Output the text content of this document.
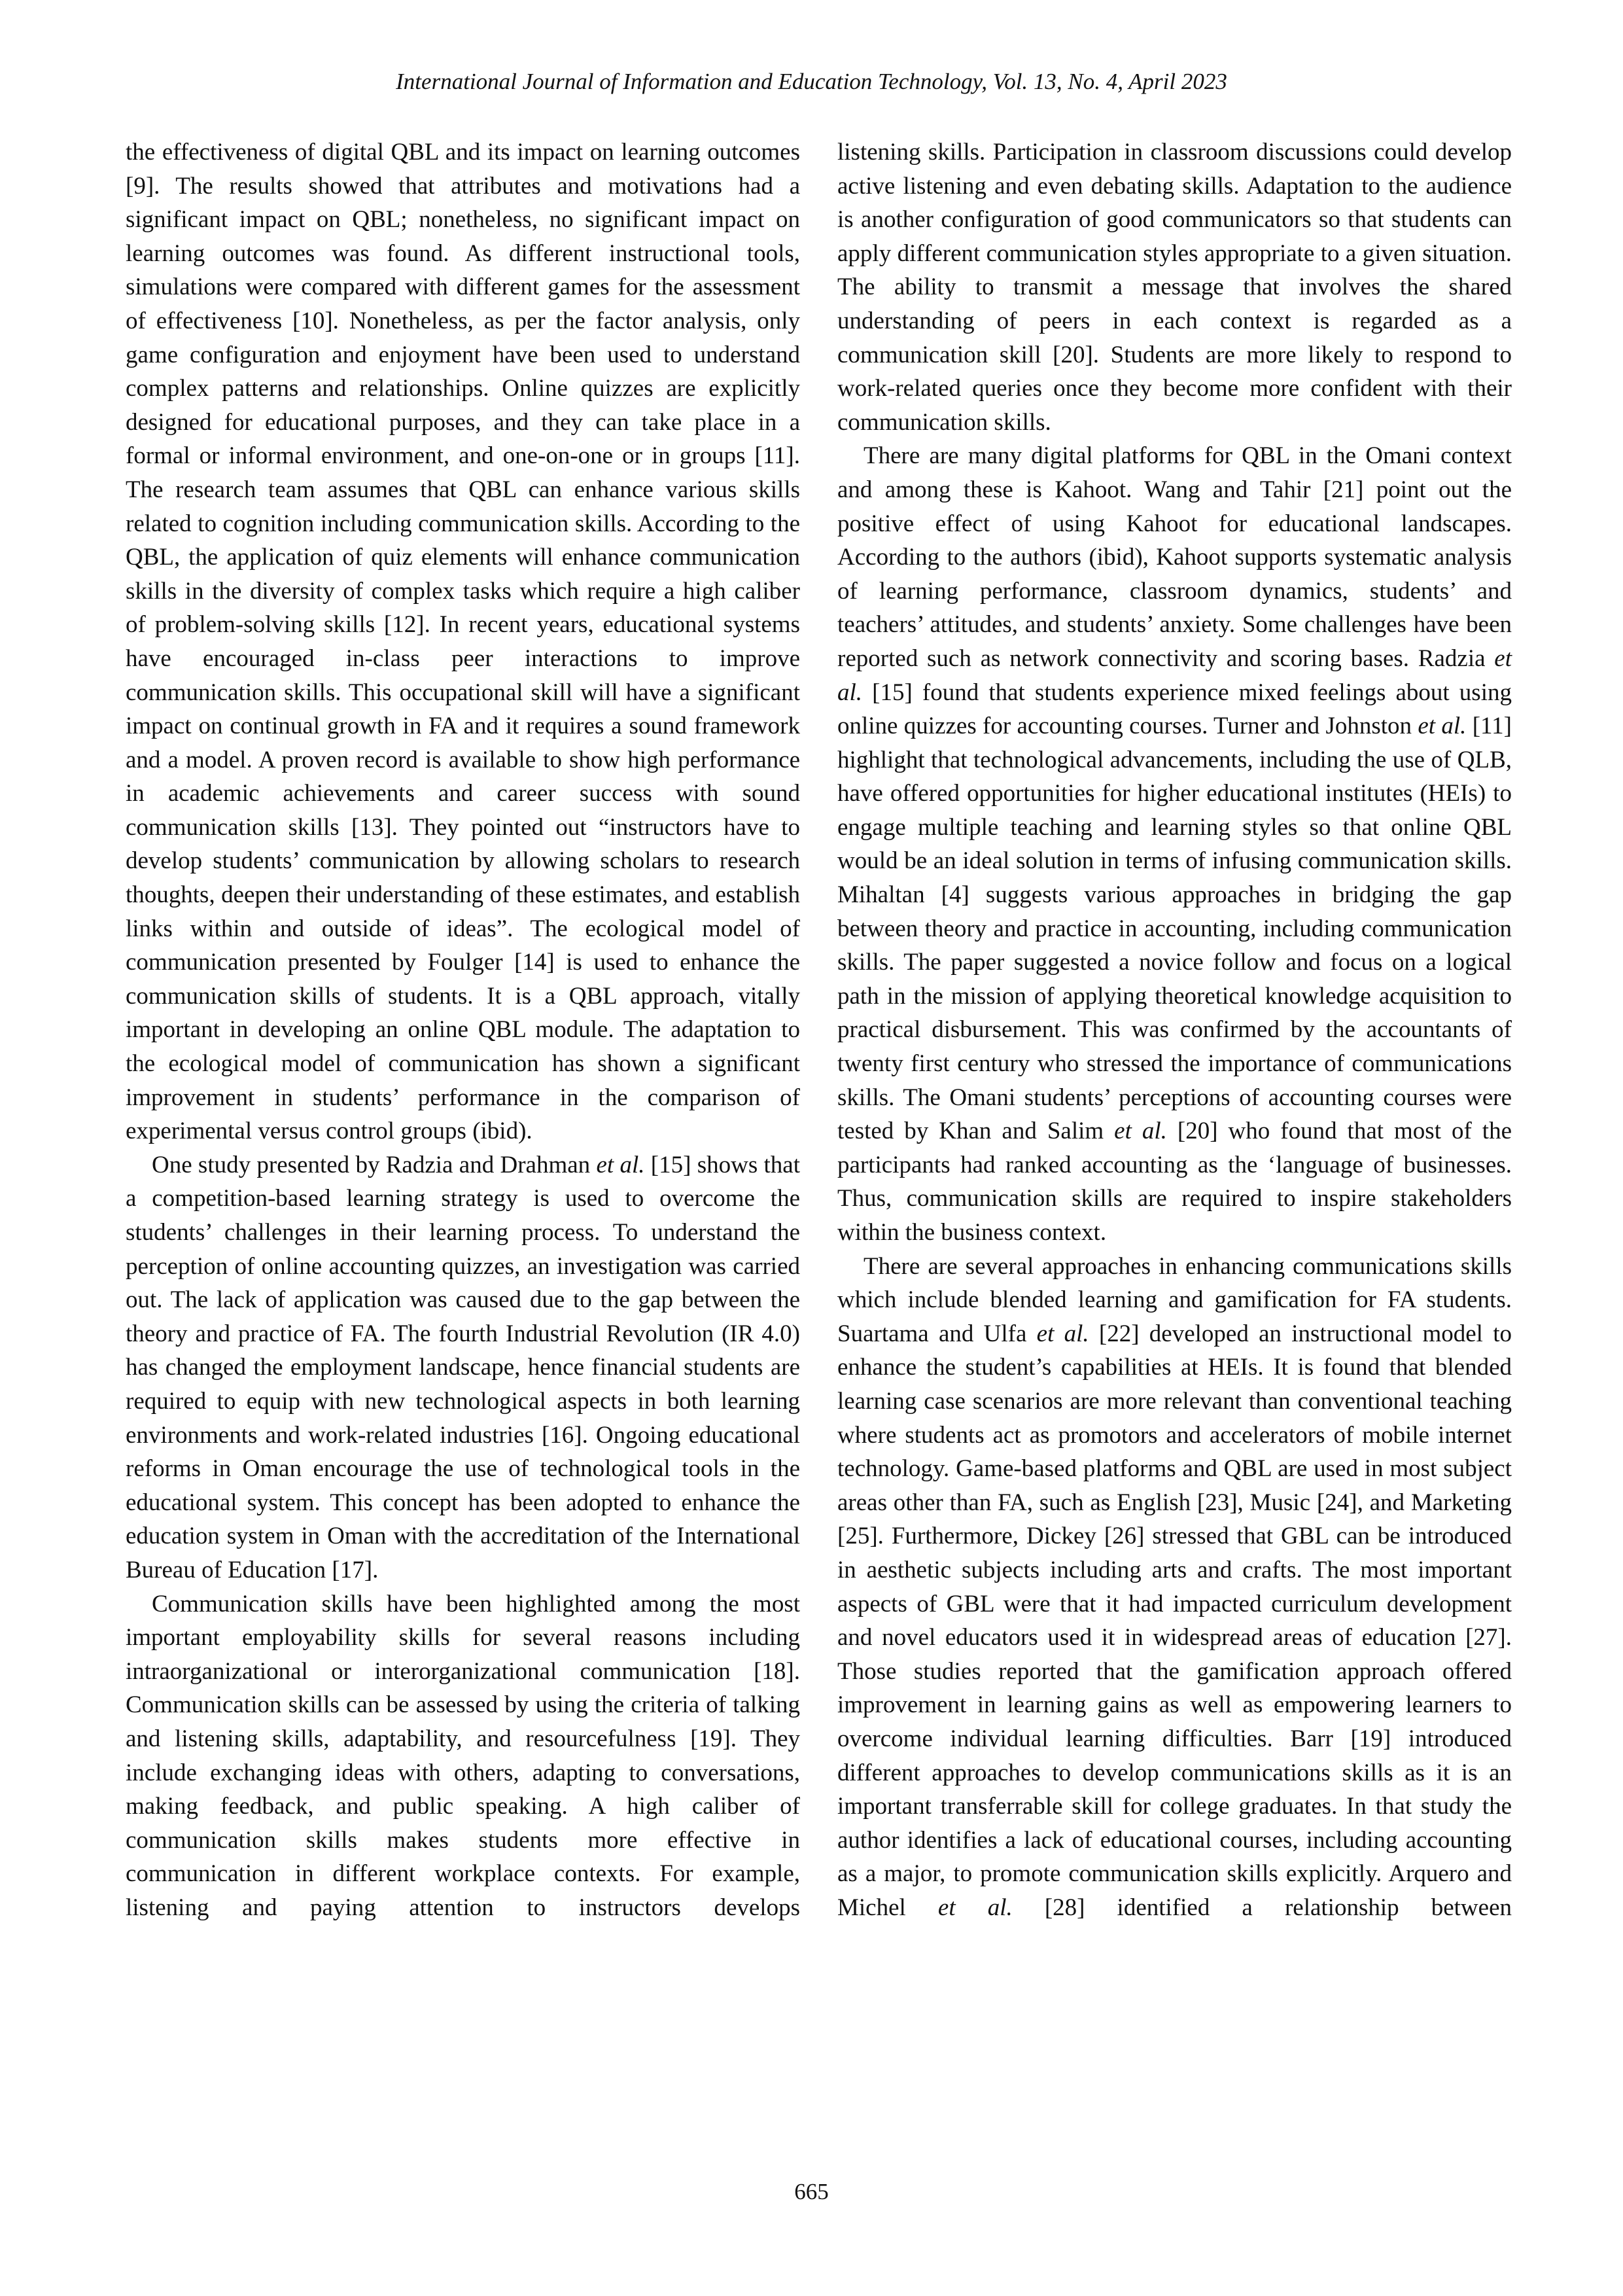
International Journal of Information and Education Technology, Vol. 13, No. 4, April 2023

the effectiveness of digital QBL and its impact on learning outcomes [9]. The results showed that attributes and motivations had a significant impact on QBL; nonetheless, no significant impact on learning outcomes was found. As different instructional tools, simulations were compared with different games for the assessment of effectiveness [10]. Nonetheless, as per the factor analysis, only game configuration and enjoyment have been used to understand complex patterns and relationships. Online quizzes are explicitly designed for educational purposes, and they can take place in a formal or informal environment, and one-on-one or in groups [11]. The research team assumes that QBL can enhance various skills related to cognition including communication skills. According to the QBL, the application of quiz elements will enhance communication skills in the diversity of complex tasks which require a high caliber of problem-solving skills [12]. In recent years, educational systems have encouraged in-class peer interactions to improve communication skills. This occupational skill will have a significant impact on continual growth in FA and it requires a sound framework and a model. A proven record is available to show high performance in academic achievements and career success with sound communication skills [13]. They pointed out “instructors have to develop students’ communication by allowing scholars to research thoughts, deepen their understanding of these estimates, and establish links within and outside of ideas”. The ecological model of communication presented by Foulger [14] is used to enhance the communication skills of students. It is a QBL approach, vitally important in developing an online QBL module. The adaptation to the ecological model of communication has shown a significant improvement in students’ performance in the comparison of experimental versus control groups (ibid).

One study presented by Radzia and Drahman et al. [15] shows that a competition-based learning strategy is used to overcome the students’ challenges in their learning process. To understand the perception of online accounting quizzes, an investigation was carried out. The lack of application was caused due to the gap between the theory and practice of FA. The fourth Industrial Revolution (IR 4.0) has changed the employment landscape, hence financial students are required to equip with new technological aspects in both learning environments and work-related industries [16]. Ongoing educational reforms in Oman encourage the use of technological tools in the educational system. This concept has been adopted to enhance the education system in Oman with the accreditation of the International Bureau of Education [17].

Communication skills have been highlighted among the most important employability skills for several reasons including intraorganizational or interorganizational communication [18]. Communication skills can be assessed by using the criteria of talking and listening skills, adaptability, and resourcefulness [19]. They include exchanging ideas with others, adapting to conversations, making feedback, and public speaking. A high caliber of communication skills makes students more effective in communication in different workplace contexts. For example, listening and paying attention to instructors develops

listening skills. Participation in classroom discussions could develop active listening and even debating skills. Adaptation to the audience is another configuration of good communicators so that students can apply different communication styles appropriate to a given situation. The ability to transmit a message that involves the shared understanding of peers in each context is regarded as a communication skill [20]. Students are more likely to respond to work-related queries once they become more confident with their communication skills.

There are many digital platforms for QBL in the Omani context and among these is Kahoot. Wang and Tahir [21] point out the positive effect of using Kahoot for educational landscapes. According to the authors (ibid), Kahoot supports systematic analysis of learning performance, classroom dynamics, students’ and teachers’ attitudes, and students’ anxiety. Some challenges have been reported such as network connectivity and scoring bases. Radzia et al. [15] found that students experience mixed feelings about using online quizzes for accounting courses. Turner and Johnston et al. [11] highlight that technological advancements, including the use of QLB, have offered opportunities for higher educational institutes (HEIs) to engage multiple teaching and learning styles so that online QBL would be an ideal solution in terms of infusing communication skills. Mihaltan [4] suggests various approaches in bridging the gap between theory and practice in accounting, including communication skills. The paper suggested a novice follow and focus on a logical path in the mission of applying theoretical knowledge acquisition to practical disbursement. This was confirmed by the accountants of twenty first century who stressed the importance of communications skills. The Omani students’ perceptions of accounting courses were tested by Khan and Salim et al. [20] who found that most of the participants had ranked accounting as the ‘language of businesses. Thus, communication skills are required to inspire stakeholders within the business context.

There are several approaches in enhancing communications skills which include blended learning and gamification for FA students. Suartama and Ulfa et al. [22] developed an instructional model to enhance the student’s capabilities at HEIs. It is found that blended learning case scenarios are more relevant than conventional teaching where students act as promotors and accelerators of mobile internet technology. Game-based platforms and QBL are used in most subject areas other than FA, such as English [23], Music [24], and Marketing [25]. Furthermore, Dickey [26] stressed that GBL can be introduced in aesthetic subjects including arts and crafts. The most important aspects of GBL were that it had impacted curriculum development and novel educators used it in widespread areas of education [27]. Those studies reported that the gamification approach offered improvement in learning gains as well as empowering learners to overcome individual learning difficulties. Barr [19] introduced different approaches to develop communications skills as it is an important transferrable skill for college graduates. In that study the author identifies a lack of educational courses, including accounting as a major, to promote communication skills explicitly. Arquero and Michel et al. [28] identified a relationship between

665
